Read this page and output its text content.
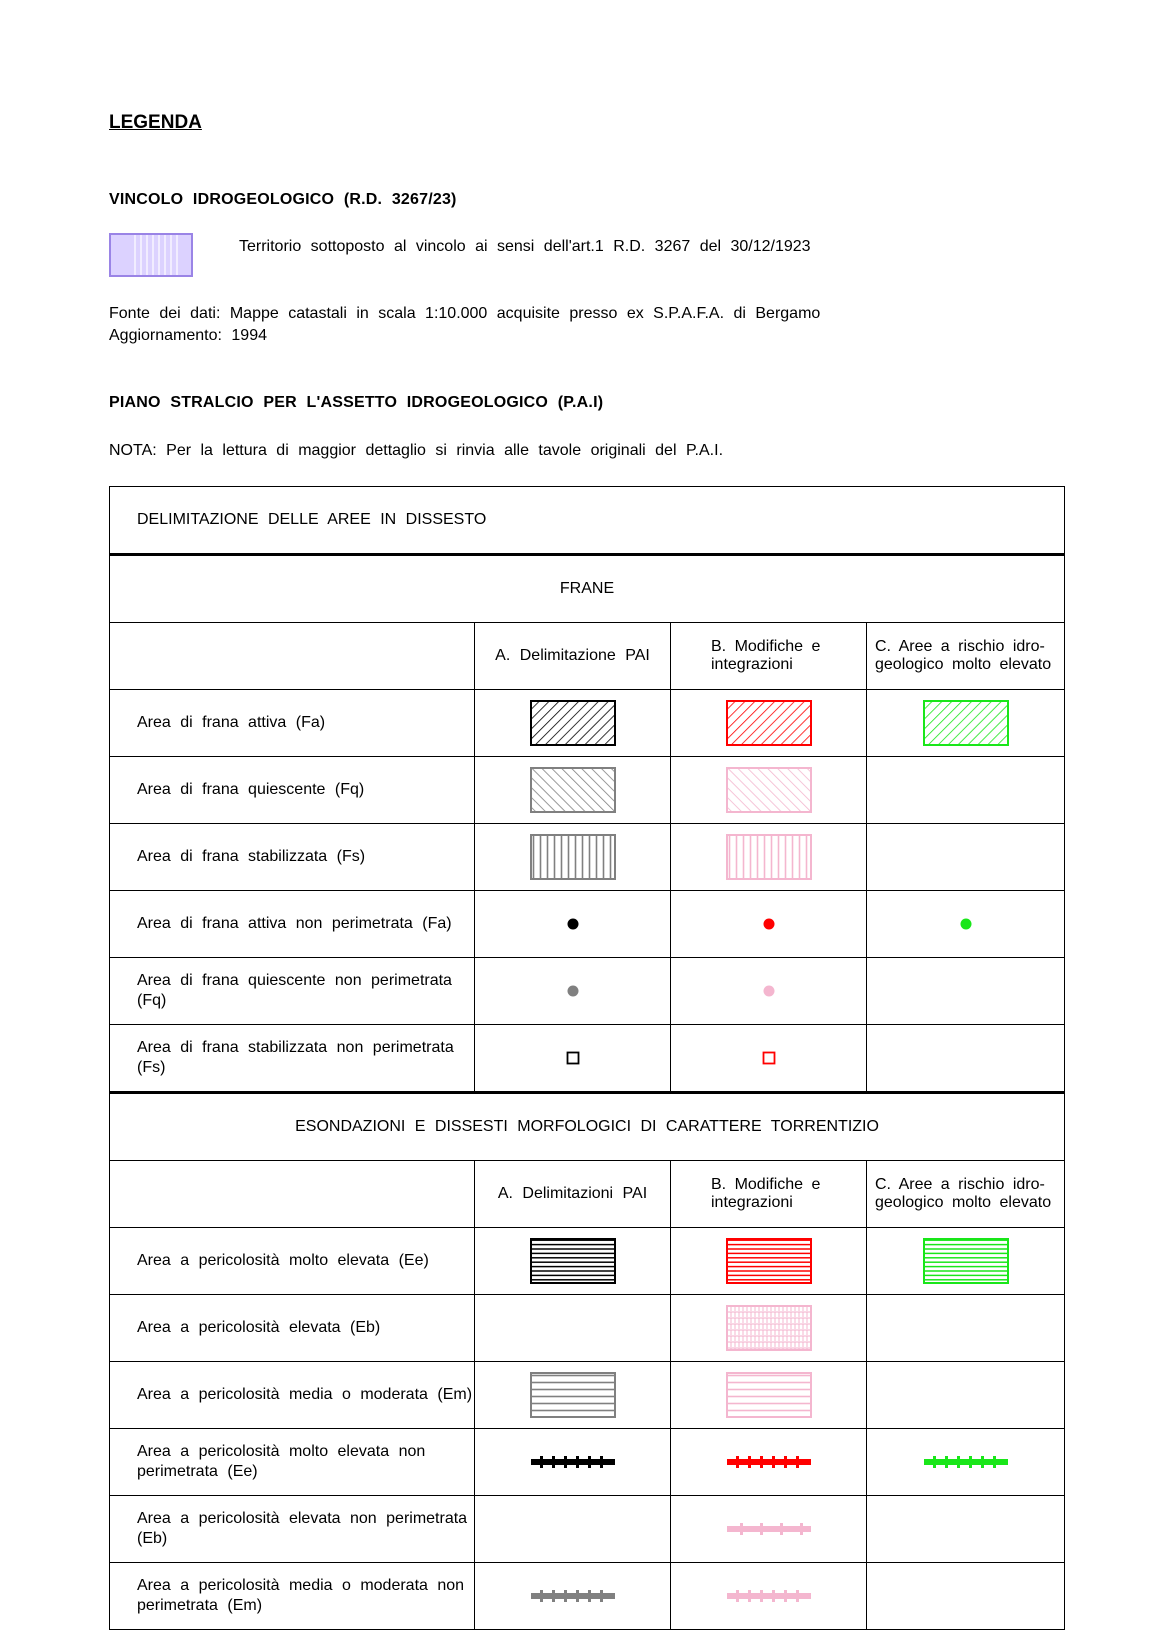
LEGENDA
VINCOLO IDROGEOLOGICO (R.D. 3267/23)
Territorio sottoposto al vincolo ai sensi dell'art.1 R.D. 3267 del 30/12/1923
Fonte dei dati: Mappe catastali in scala 1:10.000 acquisite presso ex S.P.A.F.A. di Bergamo
Aggiornamento: 1994
PIANO STRALCIO PER L'ASSETTO IDROGEOLOGICO (P.A.I)
NOTA: Per la lettura di maggior dettaglio si rinvia alle tavole originali del P.A.I.
DELIMITAZIONE DELLE AREE IN DISSESTO			
FRANE			
	A. Delimitazione PAI	B. Modifiche e integrazioni	C. Aree a rischio idro-geologico molto elevato
Area di frana attiva (Fa)			
Area di frana quiescente (Fq)			
Area di frana stabilizzata (Fs)			
Area di frana attiva non perimetrata (Fa)			
Area di frana quiescente non perimetrata (Fq)			
Area di frana stabilizzata non perimetrata (Fs)			
ESONDAZIONI E DISSESTI MORFOLOGICI DI CARATTERE TORRENTIZIO			
	A. Delimitazioni PAI	B. Modifiche e integrazioni	C. Aree a rischio idro-geologico molto elevato
Area a pericolosità molto elevata (Ee)			
Area a pericolosità elevata (Eb)			
Area a pericolosità media o moderata (Em)			
Area a pericolosità molto elevata non perimetrata (Ee)			
Area a pericolosità elevata non perimetrata (Eb)			
Area a pericolosità media o moderata non perimetrata (Em)			
